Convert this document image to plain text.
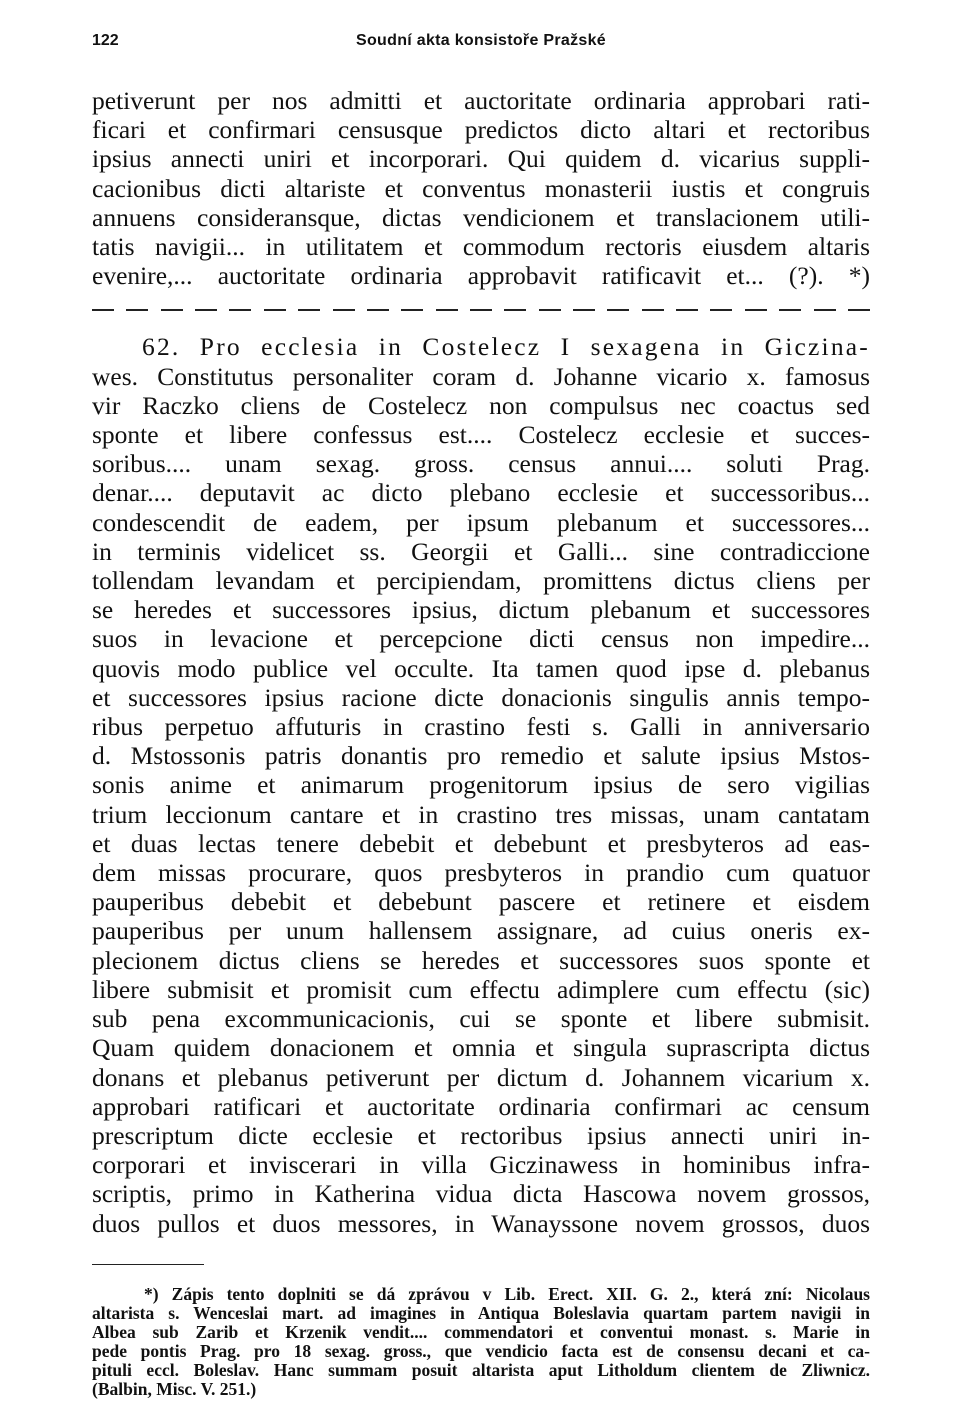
122	Soudní akta konsistoře Pražské
petiverunt per nos admitti et auctoritate ordinaria approbari rati-
ficari et confirmari censusque predictos dicto altari et rectoribus
ipsius annecti uniri et incorporari. Qui quidem d. vicarius suppli-
cacionibus dicti altariste et conventus monasterii iustis et congruis
annuens consideransque, dictas vendicionem et translacionem utili-
tatis navigii... in utilitatem et commodum rectoris eiusdem altaris
evenire,... auctoritate ordinaria approbavit ratificavit et... (?). *)
62. Pro ecclesia in Costelecz I sexagena in Giczina-
wes. Constitutus personaliter coram d. Johanne vicario x. famosus
vir Raczko cliens de Costelecz non compulsus nec coactus sed
sponte et libere confessus est.... Costelecz ecclesie et succes-
soribus.... unam sexag. gross. census annui.... soluti Prag.
denar.... deputavit ac dicto plebano ecclesie et successoribus...
condescendit de eadem, per ipsum plebanum et successores...
in terminis videlicet ss. Georgii et Galli... sine contradiccione
tollendam levandam et percipiendam, promittens dictus cliens per
se heredes et successores ipsius, dictum plebanum et successores
suos in levacione et percepcione dicti census non impedire...
quovis modo publice vel occulte. Ita tamen quod ipse d. plebanus
et successores ipsius racione dicte donacionis singulis annis tempo-
ribus perpetuo affuturis in crastino festi s. Galli in anniversario
d. Mstossonis patris donantis pro remedio et salute ipsius Mstos-
sonis anime et animarum progenitorum ipsius de sero vigilias
trium leccionum cantare et in crastino tres missas, unam cantatam
et duas lectas tenere debebit et debebunt et presbyteros ad eas-
dem missas procurare, quos presbyteros in prandio cum quatuor
pauperibus debebit et debebunt pascere et retinere et eisdem
pauperibus per unum hallensem assignare, ad cuius oneris ex-
plecionem dictus cliens se heredes et successores suos sponte et
libere submisit et promisit cum effectu adimplere cum effectu (sic)
sub pena excommunicacionis, cui se sponte et libere submisit.
Quam quidem donacionem et omnia et singula suprascripta dictus
donans et plebanus petiverunt per dictum d. Johannem vicarium x.
approbari ratificari et auctoritate ordinaria confirmari ac censum
prescriptum dicte ecclesie et rectoribus ipsius annecti uniri in-
corporari et inviscerari in villa Giczinawess in hominibus infra-
scriptis, primo in Katherina vidua dicta Hascowa novem grossos,
duos pullos et duos messores, in Wanayssone novem grossos, duos
*) Zápis tento doplniti se dá zprávou v Lib. Erect. XII. G. 2., která zní: Nicolaus
altarista s. Wenceslai mart. ad imagines in Antiqua Boleslavia quartam partem navigii in
Albea sub Zarib et Krzenik vendit.... commendatori et conventui monast. s. Marie in
pede pontis Prag. pro 18 sexag. gross., que vendicio facta est de consensu decani et ca-
pituli eccl. Boleslav. Hanc summam posuit altarista aput Litholdum clientem de Zliwnicz.
(Balbin, Misc. V. 251.)
